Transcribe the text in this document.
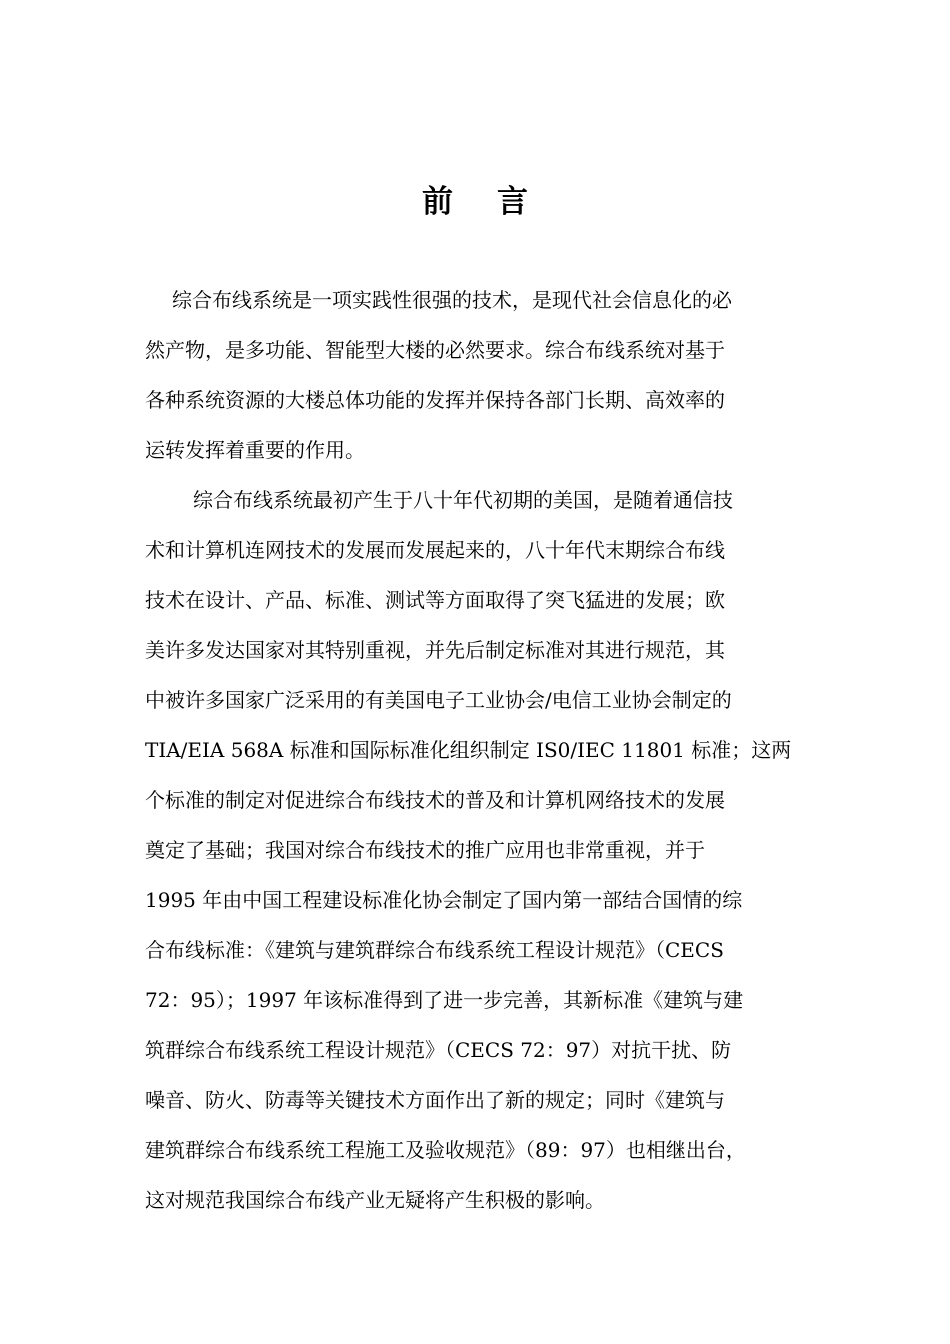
前言
综合布线系统是一项实践性很强的技术，是现代社会信息化的必
然产物，是多功能、智能型大楼的必然要求。综合布线系统对基于
各种系统资源的大楼总体功能的发挥并保持各部门长期、高效率的
运转发挥着重要的作用。
综合布线系统最初产生于八十年代初期的美国，是随着通信技
术和计算机连网技术的发展而发展起来的，八十年代末期综合布线
技术在设计、产品、标准、测试等方面取得了突飞猛进的发展；欧
美许多发达国家对其特别重视，并先后制定标准对其进行规范，其
中被许多国家广泛采用的有美国电子工业协会/电信工业协会制定的
TIA/EIA 568A 标准和国际标准化组织制定 IS0/IEC 11801 标准；这两
个标准的制定对促进综合布线技术的普及和计算机网络技术的发展
奠定了基础；我国对综合布线技术的推广应用也非常重视，并于
1995 年由中国工程建设标准化协会制定了国内第一部结合国情的综
合布线标准：《建筑与建筑群综合布线系统工程设计规范》（CECS
72：95）；1997 年该标准得到了进一步完善，其新标准《建筑与建
筑群综合布线系统工程设计规范》（CECS 72：97）对抗干扰、防
噪音、防火、防毒等关键技术方面作出了新的规定；同时《建筑与
建筑群综合布线系统工程施工及验收规范》（89：97）也相继出台，
这对规范我国综合布线产业无疑将产生积极的影响。
